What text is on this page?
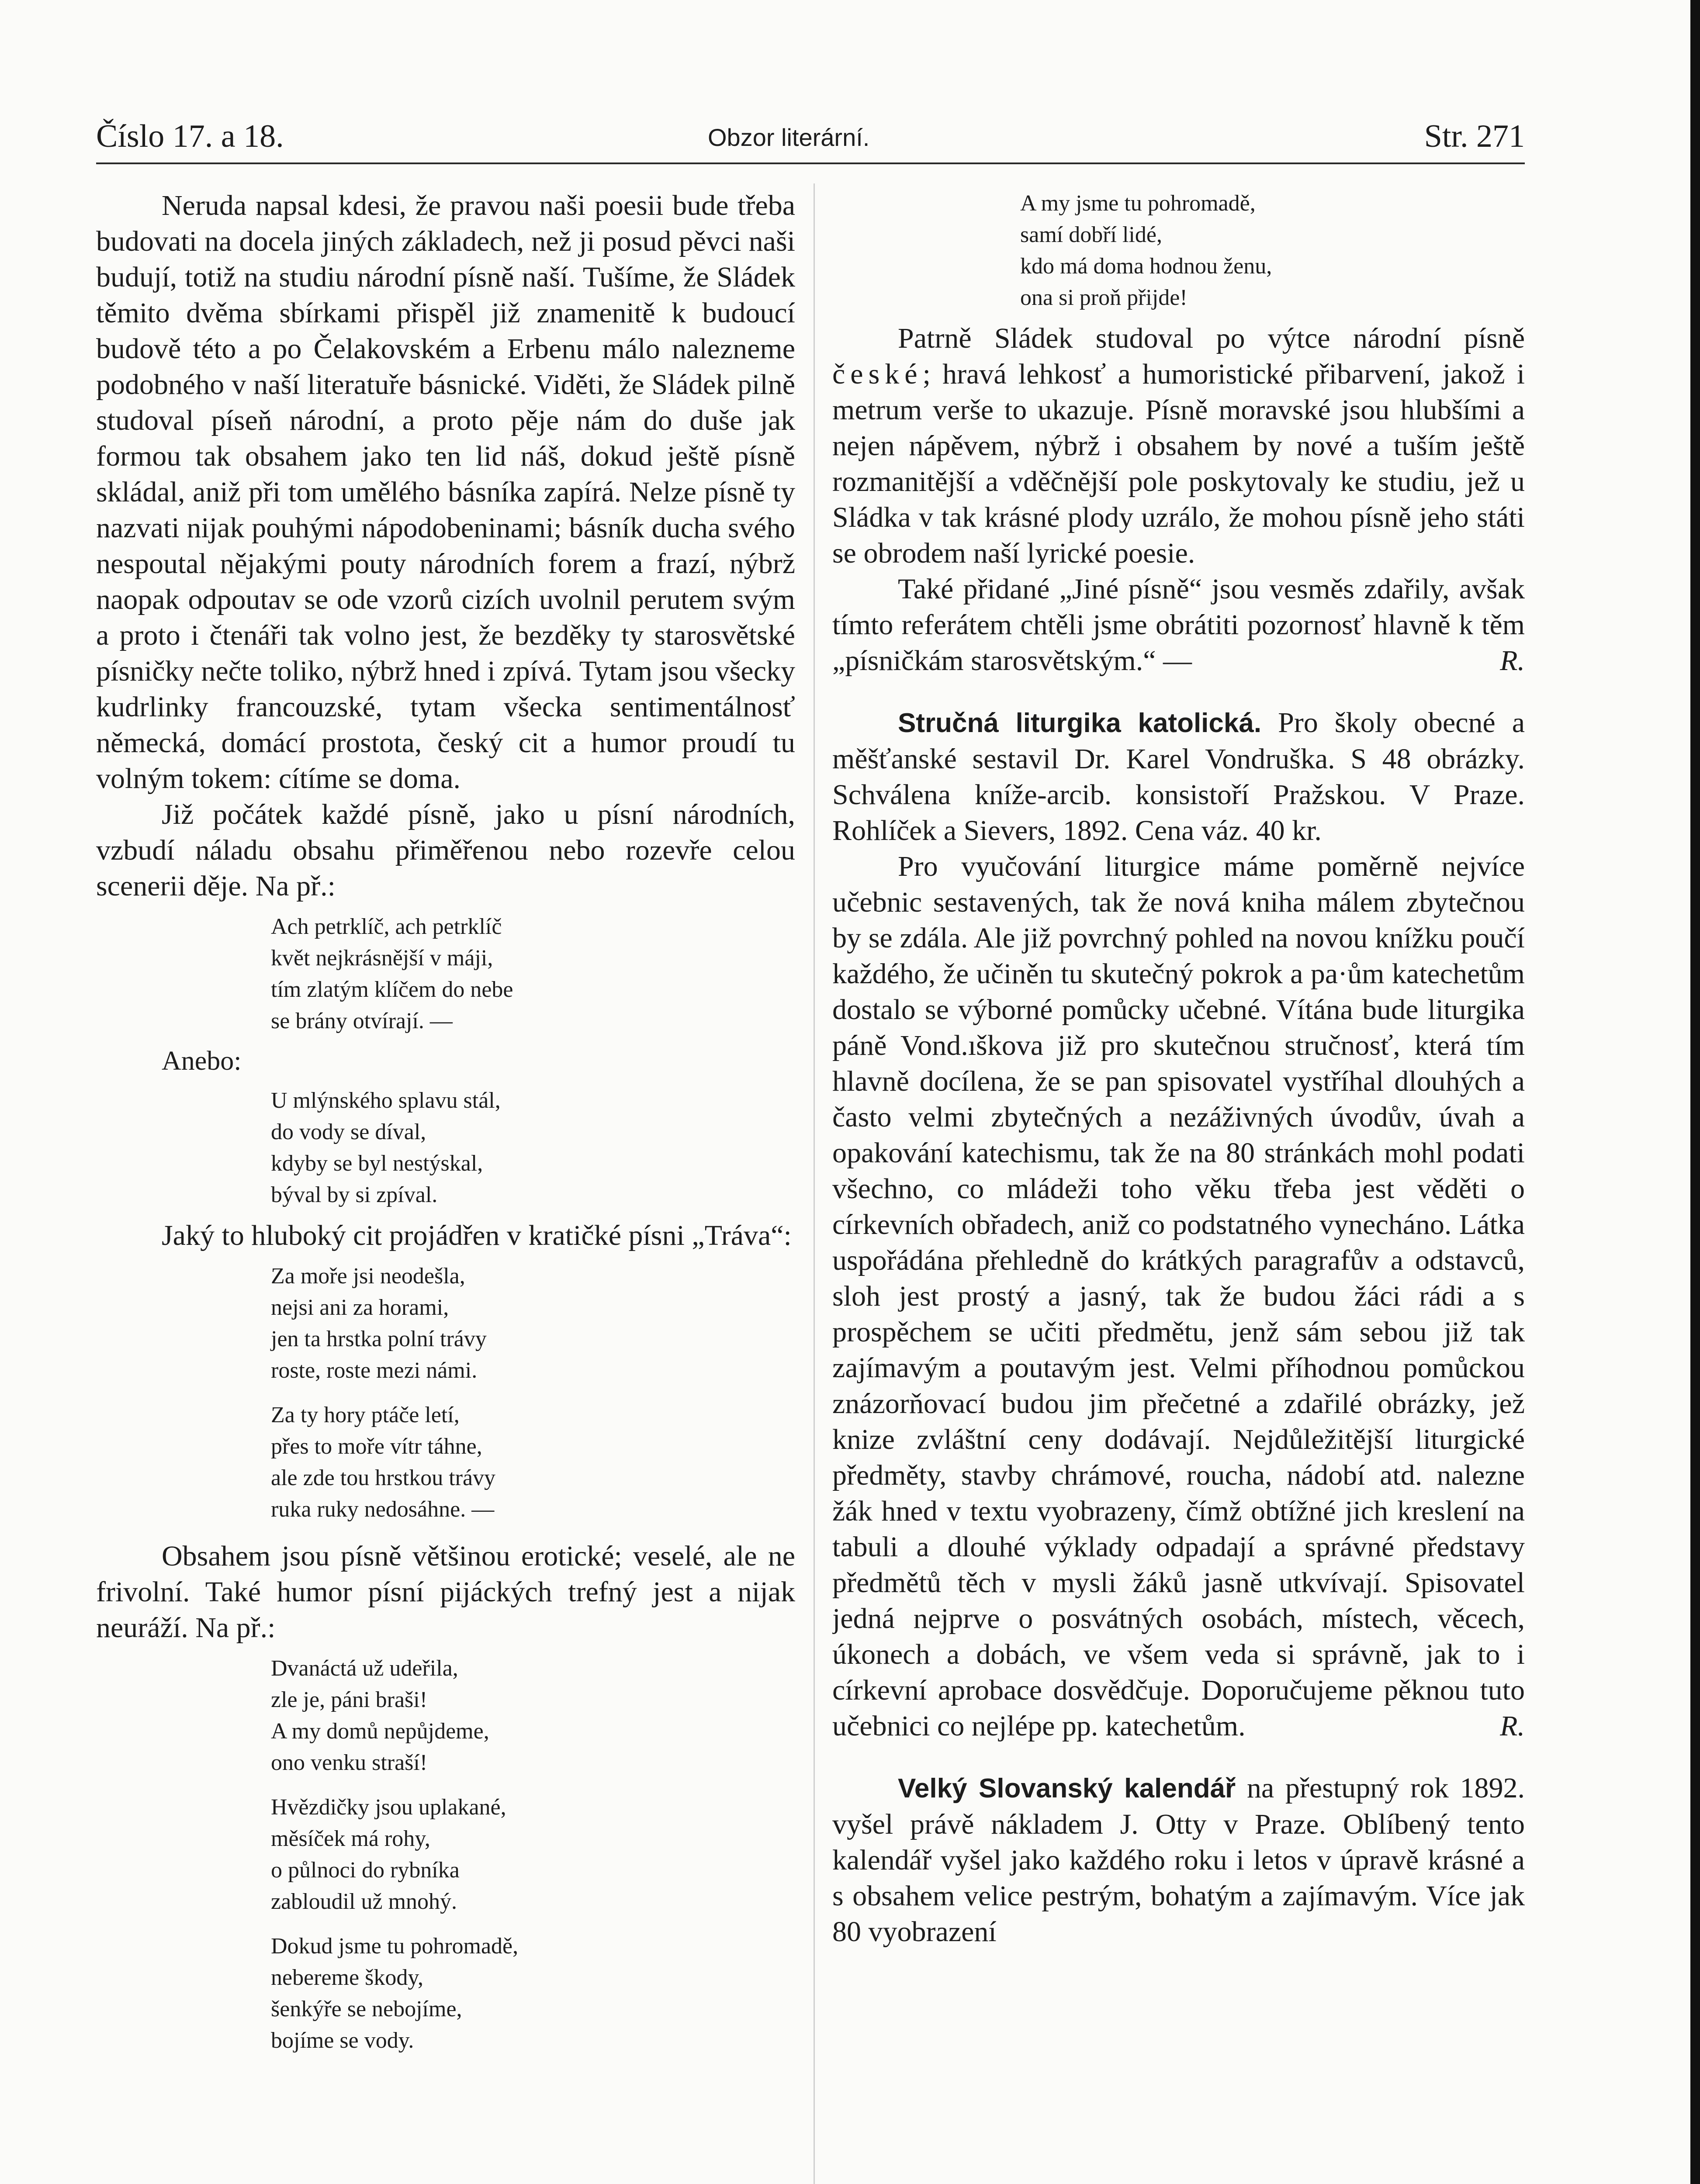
Číslo 17. a 18.	Obzor literární.	Str. 271

Neruda napsal kdesi, že pravou naši poesii bude třeba budovati na docela jiných základech, než ji posud pěvci naši budují, totiž na studiu národní písně naší. Tušíme, že Sládek těmito dvěma sbírkami přispěl již znamenitě k budoucí budově této a po Čelakovském a Erbenu málo nalezneme podobného v naší literatuře básnické. Viděti, že Sládek pilně studoval píseň národní, a proto pěje nám do duše jak formou tak obsahem jako ten lid náš, dokud ještě písně skládal, aniž při tom umělého básníka zapírá. Nelze písně ty nazvati nijak pouhými nápodobeninami; básník ducha svého nespoutal nějakými pouty národních forem a frazí, nýbrž naopak odpoutav se ode vzorů cizích uvolnil perutem svým a proto i čtenáři tak volno jest, že bezděky ty starosvětské písničky nečte toliko, nýbrž hned i zpívá. Tytam jsou všecky kudrlinky francouzské, tytam všecka sentimentálnosť německá, domácí prostota, český cit a humor proudí tu volným tokem: cítíme se doma.

Již počátek každé písně, jako u písní národních, vzbudí náladu obsahu přiměřenou nebo rozevře celou scenerii děje. Na př.:

Ach petrklíč, ach petrklíč
květ nejkrásnější v máji,
tím zlatým klíčem do nebe
se brány otvírají. —
Anebo:
U mlýnského splavu stál,
do vody se díval,
kdyby se byl nestýskal,
býval by si zpíval.

Jaký to hluboký cit projádřen v kratičké písni „Tráva“:

Za moře jsi neodešla,
nejsi ani za horami,
jen ta hrstka polní trávy
roste, roste mezi námi.
Za ty hory ptáče letí,
přes to moře vítr táhne,
ale zde tou hrstkou trávy
ruka ruky nedosáhne. —

Obsahem jsou písně většinou erotické; veselé, ale ne frivolní. Také humor písní pijáckých trefný jest a nijak neuráží. Na př.:

Dvanáctá už udeřila,
zle je, páni braši!
A my domů nepůjdeme,
ono venku straší!
Hvězdičky jsou uplakané,
měsíček má rohy,
o půlnoci do rybníka
zabloudil už mnohý.
Dokud jsme tu pohromadě,
nebereme škody,
šenkýře se nebojíme,
bojíme se vody.
A my jsme tu pohromadě,
samí dobří lidé,
kdo má doma hodnou ženu,
ona si proň přijde!

Patrně Sládek studoval po výtce národní písně české; hravá lehkosť a humoristické přibarvení, jakož i metrum verše to ukazuje. Písně moravské jsou hlubšími a nejen nápěvem, nýbrž i obsahem by nové a tuším ještě rozmanitější a vděčnější pole poskytovaly ke studiu, jež u Sládka v tak krásné plody uzrálo, že mohou písně jeho státi se obrodem naší lyrické poesie.

Také přidané „Jiné písně“ jsou vesměs zdařily, avšak tímto referátem chtěli jsme obrátiti pozornosť hlavně k těm „písničkám starosvětským.“ —	R.

Stručná liturgika katolická. Pro školy obecné a měšťanské sestavil Dr. Karel Vondruška. S 48 obrázky. Schválena kníže-arcib. konsistoří Pražskou. V Praze. Rohlíček a Sievers, 1892. Cena váz. 40 kr.

Pro vyučování liturgice máme poměrně nejvíce učebnic sestavených, tak že nová kniha málem zbytečnou by se zdála. Ale již povrchný pohled na novou knížku poučí každého, že učiněn tu skutečný pokrok a pa·ům katechetům dostalo se výborné pomůcky učebné. Vítána bude liturgika páně Vond.ıškova již pro skutečnou stručnosť, která tím hlavně docílena, že se pan spisovatel vystříhal dlouhých a často velmi zbytečných a nezáživných úvodův, úvah a opakování katechismu, tak že na 80 stránkách mohl podati všechno, co mládeži toho věku třeba jest věděti o církevních obřadech, aniž co podstatného vynecháno. Látka uspořádána přehledně do krátkých paragrafův a odstavců, sloh jest prostý a jasný, tak že budou žáci rádi a s prospěchem se učiti předmětu, jenž sám sebou již tak zajímavým a poutavým jest. Velmi příhodnou pomůckou znázorňovací budou jim přečetné a zdařilé obrázky, jež knize zvláštní ceny dodávají. Nejdůležitější liturgické předměty, stavby chrámové, roucha, nádobí atd. nalezne žák hned v textu vyobrazeny, čímž obtížné jich kreslení na tabuli a dlouhé výklady odpadají a správné představy předmětů těch v mysli žáků jasně utkvívají. Spisovatel jedná nejprve o posvátných osobách, místech, věcech, úkonech a dobách, ve všem veda si správně, jak to i církevní aprobace dosvědčuje. Doporučujeme pěknou tuto učebnici co nejlépe pp. katechetům.	R.

Velký Slovanský kalendář na přestupný rok 1892. vyšel právě nákladem J. Otty v Praze. Oblíbený tento kalendář vyšel jako každého roku i letos v úpravě krásné a s obsahem velice pestrým, bohatým a zajímavým. Více jak 80 vyobrazení
